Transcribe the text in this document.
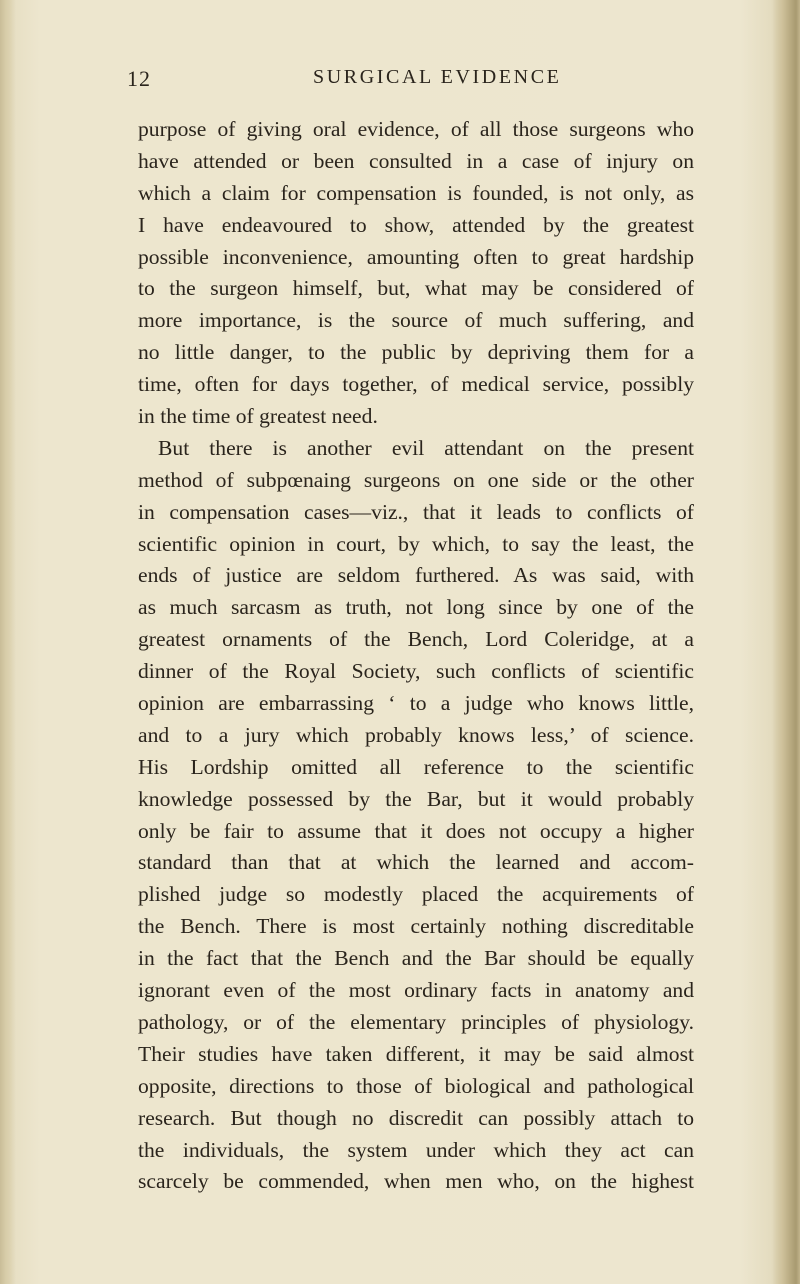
12	SURGICAL EVIDENCE
purpose of giving oral evidence, of all those surgeons who
have attended or been consulted in a case of injury on
which a claim for compensation is founded, is not only, as
I have endeavoured to show, attended by the greatest
possible inconvenience, amounting often to great hardship
to the surgeon himself, but, what may be considered of
more importance, is the source of much suffering, and
no little danger, to the public by depriving them for a
time, often for days together, of medical service, possibly
in the time of greatest need.
But there is another evil attendant on the present
method of subpœnaing surgeons on one side or the other
in compensation cases—viz., that it leads to conflicts of
scientific opinion in court, by which, to say the least, the
ends of justice are seldom furthered. As was said, with
as much sarcasm as truth, not long since by one of the
greatest ornaments of the Bench, Lord Coleridge, at a
dinner of the Royal Society, such conflicts of scientific
opinion are embarrassing ‘ to a judge who knows little,
and to a jury which probably knows less,’ of science.
His Lordship omitted all reference to the scientific
knowledge possessed by the Bar, but it would probably
only be fair to assume that it does not occupy a higher
standard than that at which the learned and accom-
plished judge so modestly placed the acquirements of
the Bench. There is most certainly nothing discreditable
in the fact that the Bench and the Bar should be equally
ignorant even of the most ordinary facts in anatomy and
pathology, or of the elementary principles of physiology.
Their studies have taken different, it may be said almost
opposite, directions to those of biological and pathological
research. But though no discredit can possibly attach to
the individuals, the system under which they act can
scarcely be commended, when men who, on the highest
